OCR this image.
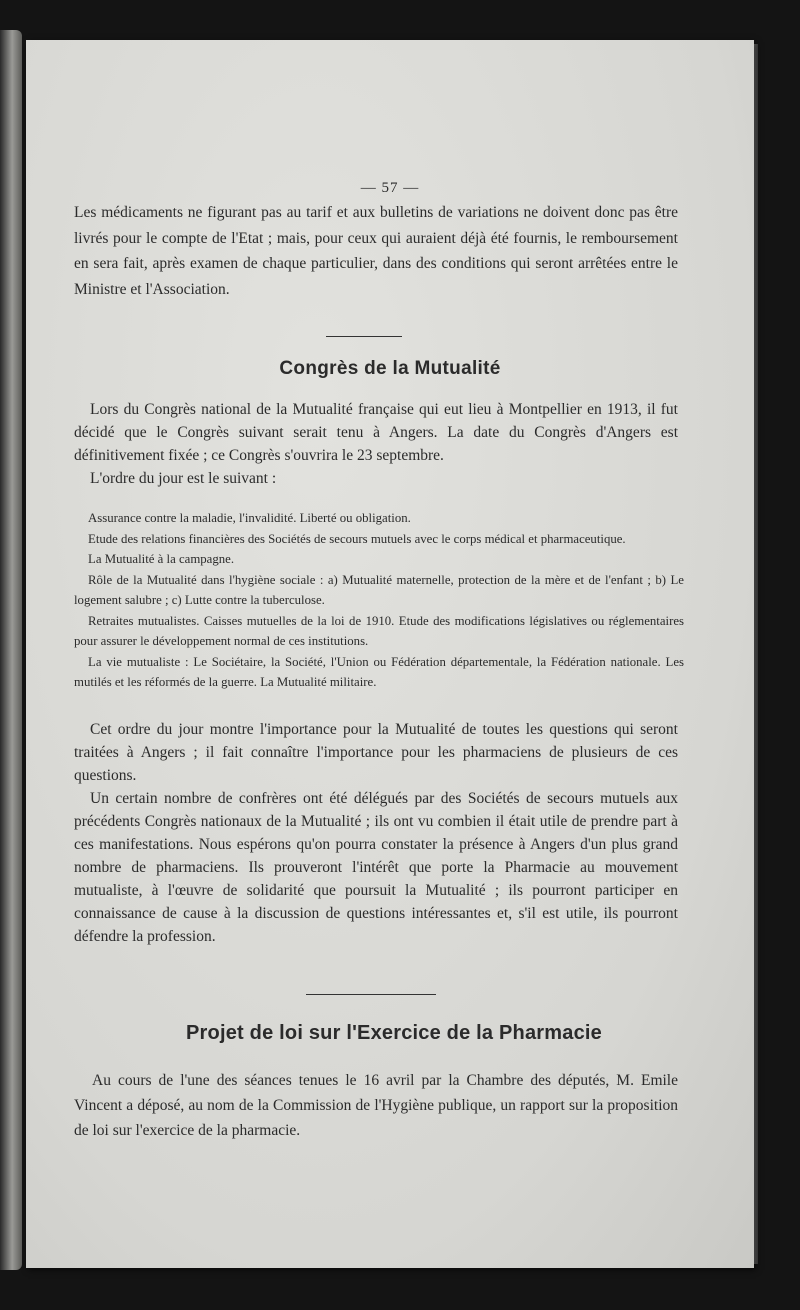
— 57 —

Les médicaments ne figurant pas au tarif et aux bulletins de variations ne doivent donc pas être livrés pour le compte de l'Etat ; mais, pour ceux qui auraient déjà été fournis, le remboursement en sera fait, après examen de chaque particulier, dans des conditions qui seront arrêtées entre le Ministre et l'Association.

Congrès de la Mutualité

Lors du Congrès national de la Mutualité française qui eut lieu à Montpellier en 1913, il fut décidé que le Congrès suivant serait tenu à Angers. La date du Congrès d'Angers est définitivement fixée ; ce Congrès s'ouvrira le 23 septembre.

L'ordre du jour est le suivant :

Assurance contre la maladie, l'invalidité. Liberté ou obligation.
Etude des relations financières des Sociétés de secours mutuels avec le corps médical et pharmaceutique.
La Mutualité à la campagne.
Rôle de la Mutualité dans l'hygiène sociale : a) Mutualité maternelle, protection de la mère et de l'enfant ; b) Le logement salubre ; c) Lutte contre la tuberculose.
Retraites mutualistes. Caisses mutuelles de la loi de 1910. Etude des modifications législatives ou réglementaires pour assurer le développement normal de ces institutions.
La vie mutualiste : Le Sociétaire, la Société, l'Union ou Fédération départementale, la Fédération nationale. Les mutilés et les réformés de la guerre. La Mutualité militaire.

Cet ordre du jour montre l'importance pour la Mutualité de toutes les questions qui seront traitées à Angers ; il fait connaître l'importance pour les pharmaciens de plusieurs de ces questions.

Un certain nombre de confrères ont été délégués par des Sociétés de secours mutuels aux précédents Congrès nationaux de la Mutualité ; ils ont vu combien il était utile de prendre part à ces manifestations. Nous espérons qu'on pourra constater la présence à Angers d'un plus grand nombre de pharmaciens. Ils prouveront l'intérêt que porte la Pharmacie au mouvement mutualiste, à l'œuvre de solidarité que poursuit la Mutualité ; ils pourront participer en connaissance de cause à la discussion de questions intéressantes et, s'il est utile, ils pourront défendre la profession.

Projet de loi sur l'Exercice de la Pharmacie

Au cours de l'une des séances tenues le 16 avril par la Chambre des députés, M. Emile Vincent a déposé, au nom de la Commission de l'Hygiène publique, un rapport sur la proposition de loi sur l'exercice de la pharmacie.
